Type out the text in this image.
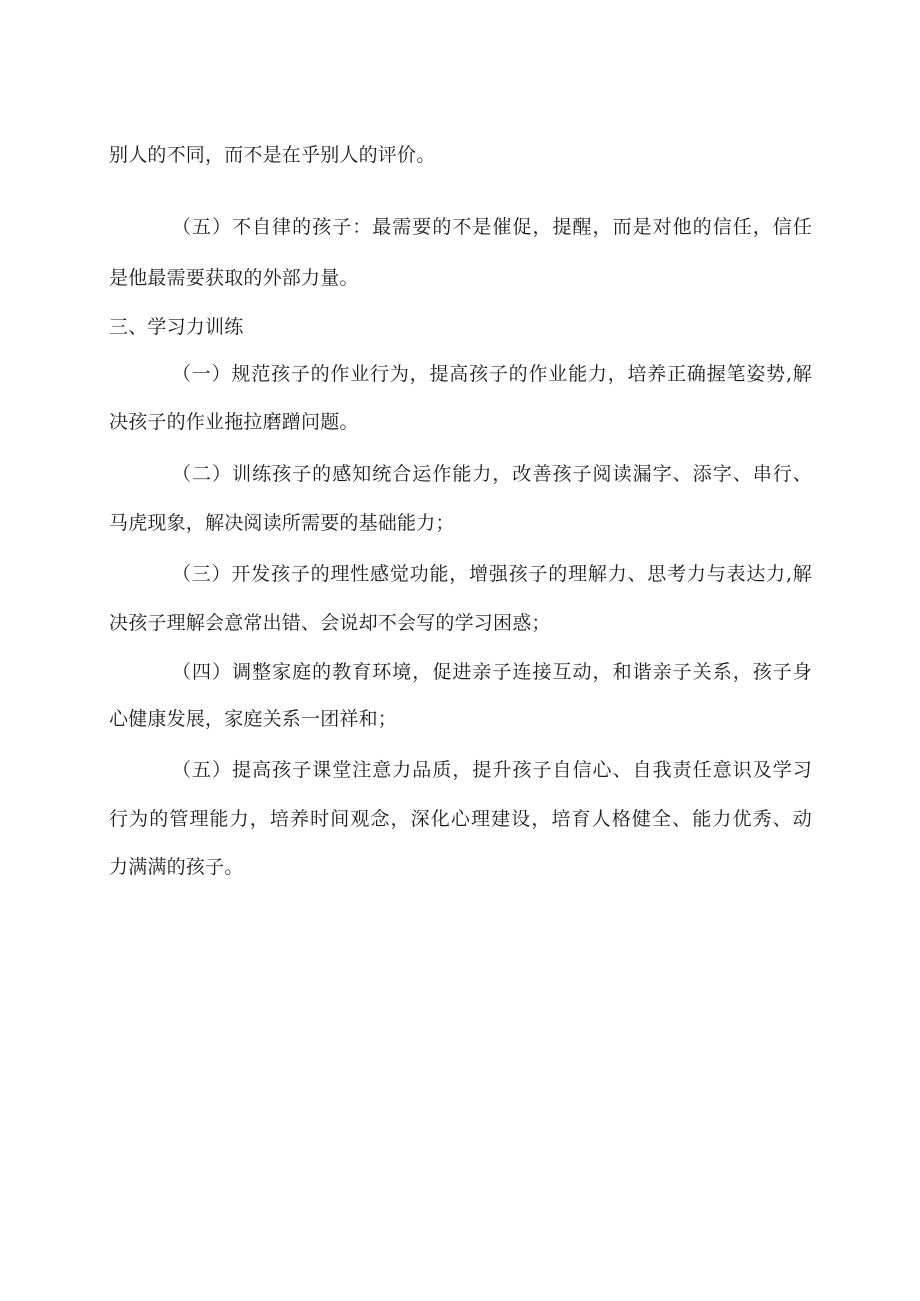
别人的不同，而不是在乎别人的评价。
（五）不自律的孩子：最需要的不是催促，提醒，而是对他的信任，信任
是他最需要获取的外部力量。
三、学习力训练
（一）规范孩子的作业行为，提高孩子的作业能力，培养正确握笔姿势,解
决孩子的作业拖拉磨蹭问题。
（二）训练孩子的感知统合运作能力，改善孩子阅读漏字、添字、串行、
马虎现象，解决阅读所需要的基础能力；
（三）开发孩子的理性感觉功能，增强孩子的理解力、思考力与表达力,解
决孩子理解会意常出错、会说却不会写的学习困惑；
（四）调整家庭的教育环境，促进亲子连接互动，和谐亲子关系，孩子身
心健康发展，家庭关系一团祥和；
（五）提高孩子课堂注意力品质，提升孩子自信心、自我责任意识及学习
行为的管理能力，培养时间观念，深化心理建设，培育人格健全、能力优秀、动
力满满的孩子。
